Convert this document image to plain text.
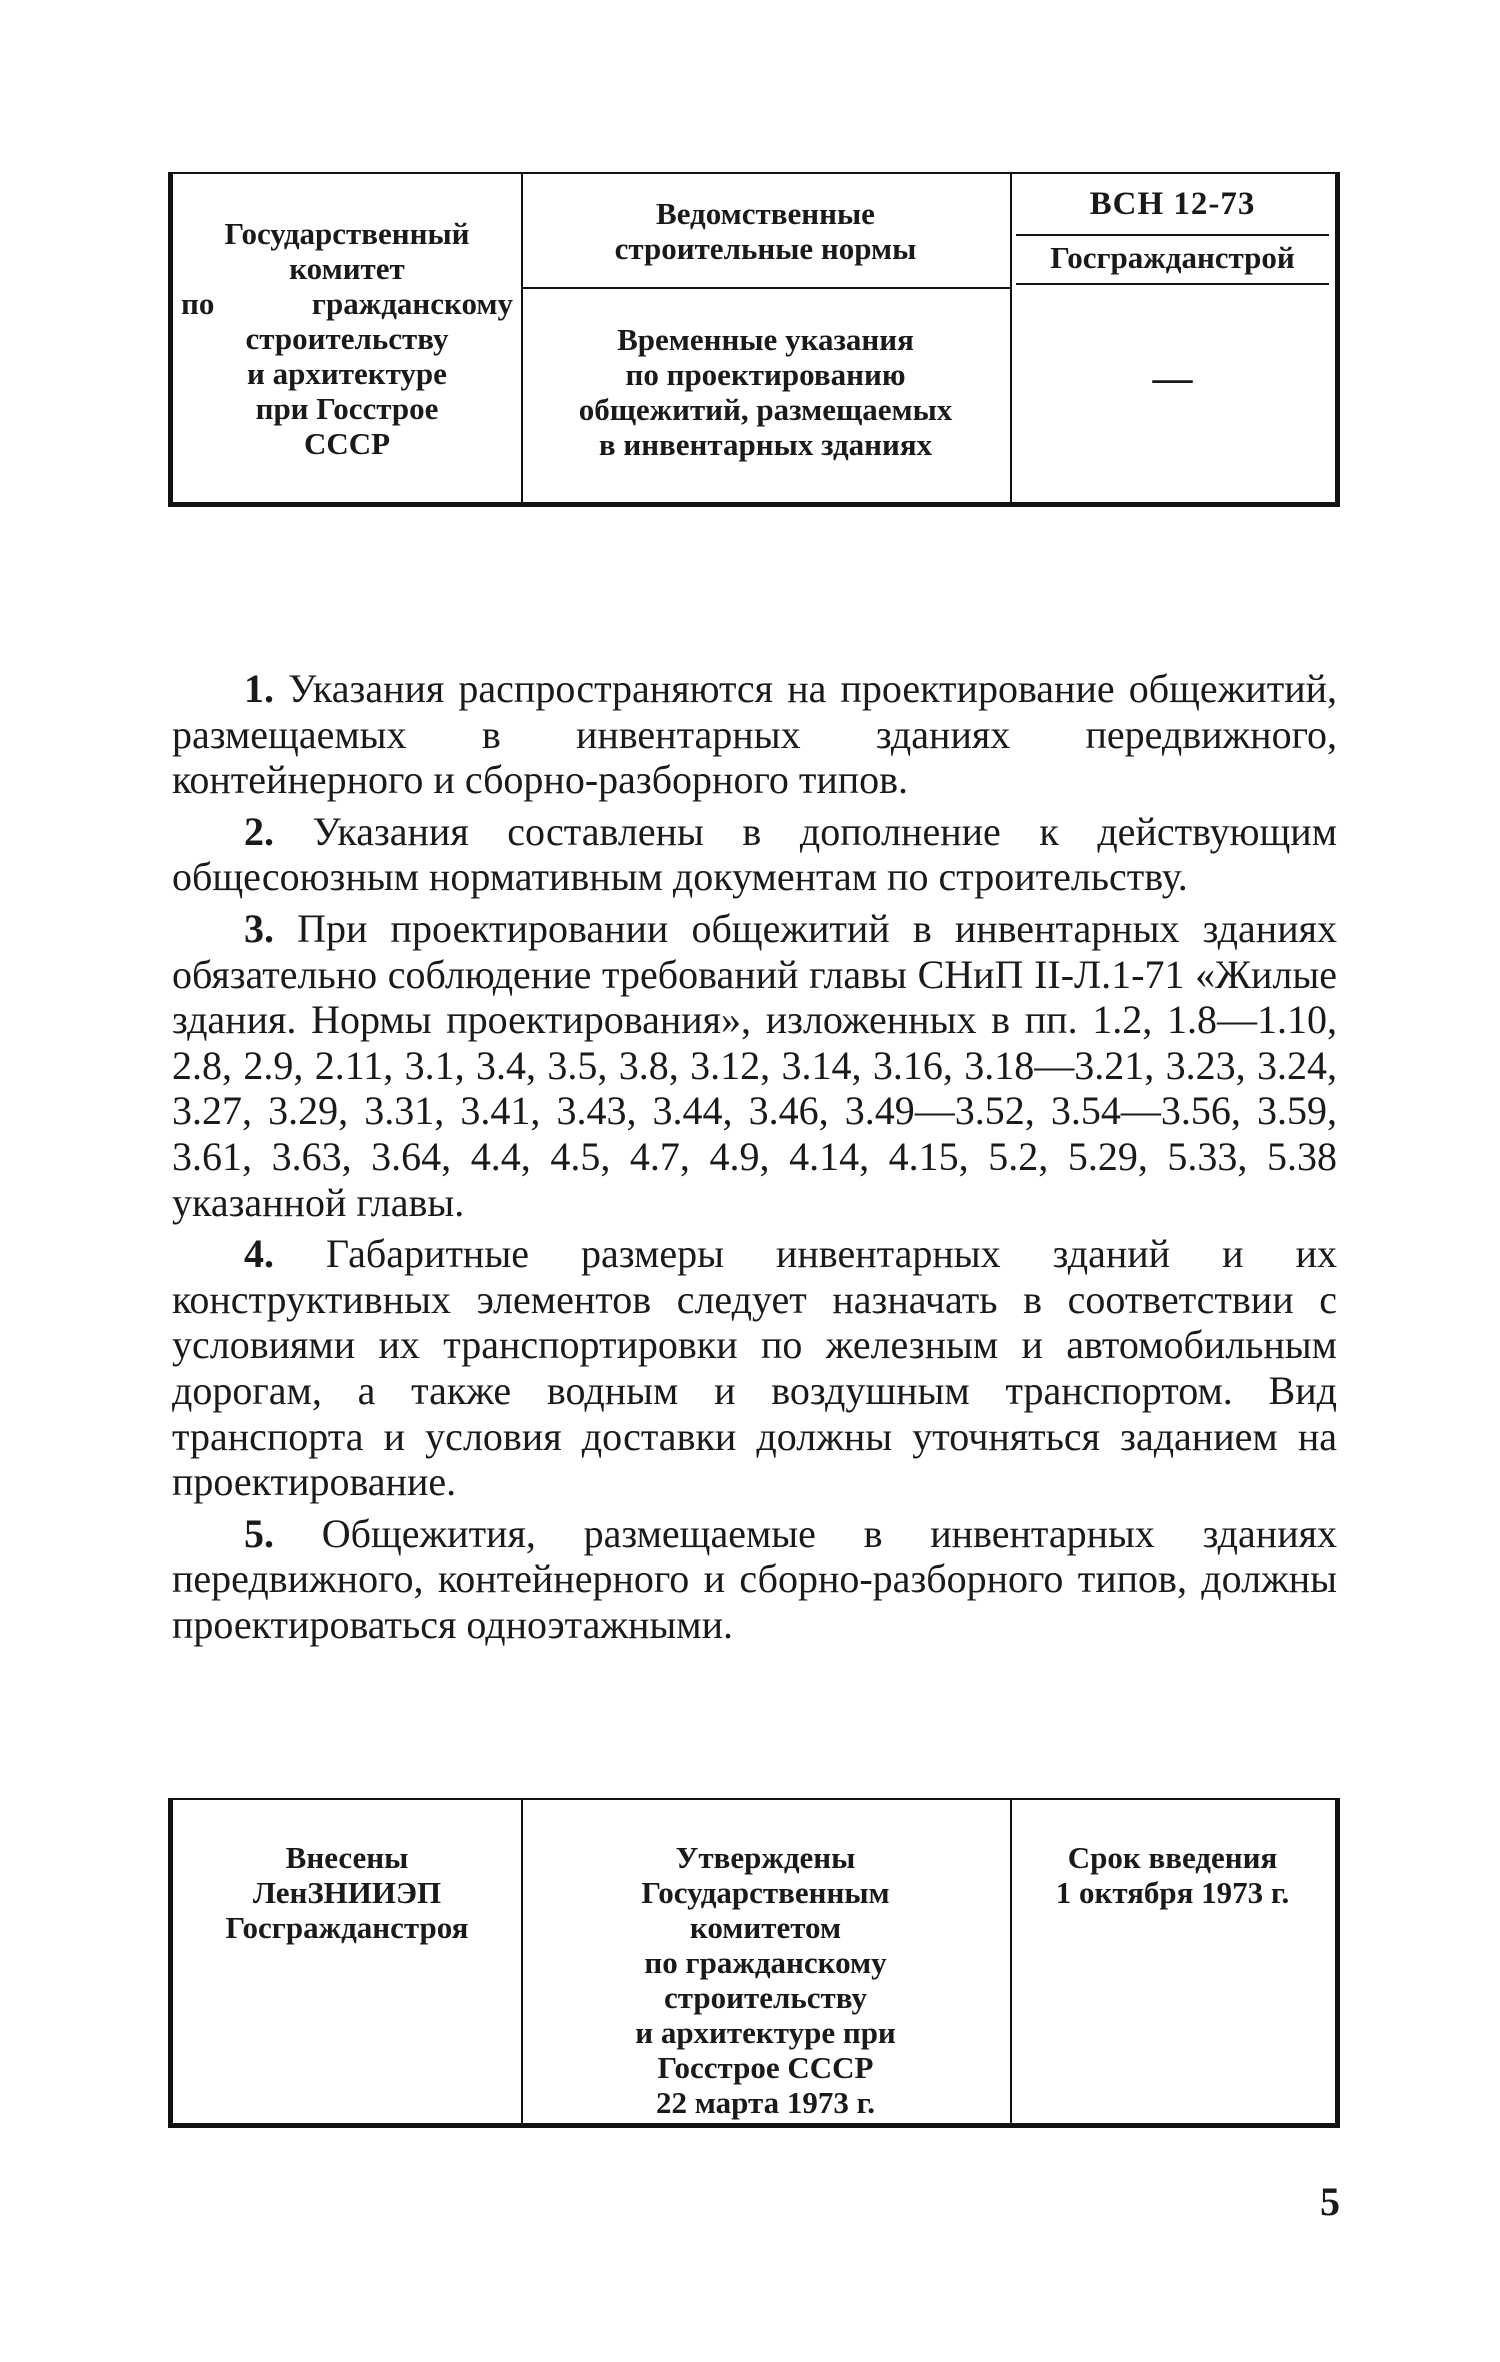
Государственный
комитет
по гражданскому
строительству
и архитектуре
при Госстрое
СССР
Ведомственные
строительные нормы
Временные указания
по проектированию
общежитий, размещаемых
в инвентарных зданиях
ВСН 12-73
Гоcгражданстрой
—

1. Указания распространяются на проектирование общежитий, размещаемых в инвентарных зданиях передвижного, контейнерного и сборно-разборного типов.

2. Указания составлены в дополнение к действующим общесоюзным нормативным документам по строительству.

3. При проектировании общежитий в инвентарных зданиях обязательно соблюдение требований главы СНиП II-Л.1-71 «Жилые здания. Нормы проектирования», изложенных в пп. 1.2, 1.8—1.10, 2.8, 2.9, 2.11, 3.1, 3.4, 3.5, 3.8, 3.12, 3.14, 3.16, 3.18—3.21, 3.23, 3.24, 3.27, 3.29, 3.31, 3.41, 3.43, 3.44, 3.46, 3.49—3.52, 3.54—3.56, 3.59, 3.61, 3.63, 3.64, 4.4, 4.5, 4.7, 4.9, 4.14, 4.15, 5.2, 5.29, 5.33, 5.38 указанной главы.

4. Габаритные размеры инвентарных зданий и их конструктивных элементов следует назначать в соответствии с условиями их транспортировки по железным и автомобильным дорогам, а также водным и воздушным транспортом. Вид транспорта и условия доставки должны уточняться заданием на проектирование.

5. Общежития, размещаемые в инвентарных зданиях передвижного, контейнерного и сборно-разборного типов, должны проектироваться одноэтажными.

Внесены
ЛенЗНИИЭП
Госгражданстроя
Утверждены
Государственным
комитетом
по гражданскому
строительству
и архитектуре при
Госстрое СССР
22 марта 1973 г.
Срок введения
1 октября 1973 г.
5
